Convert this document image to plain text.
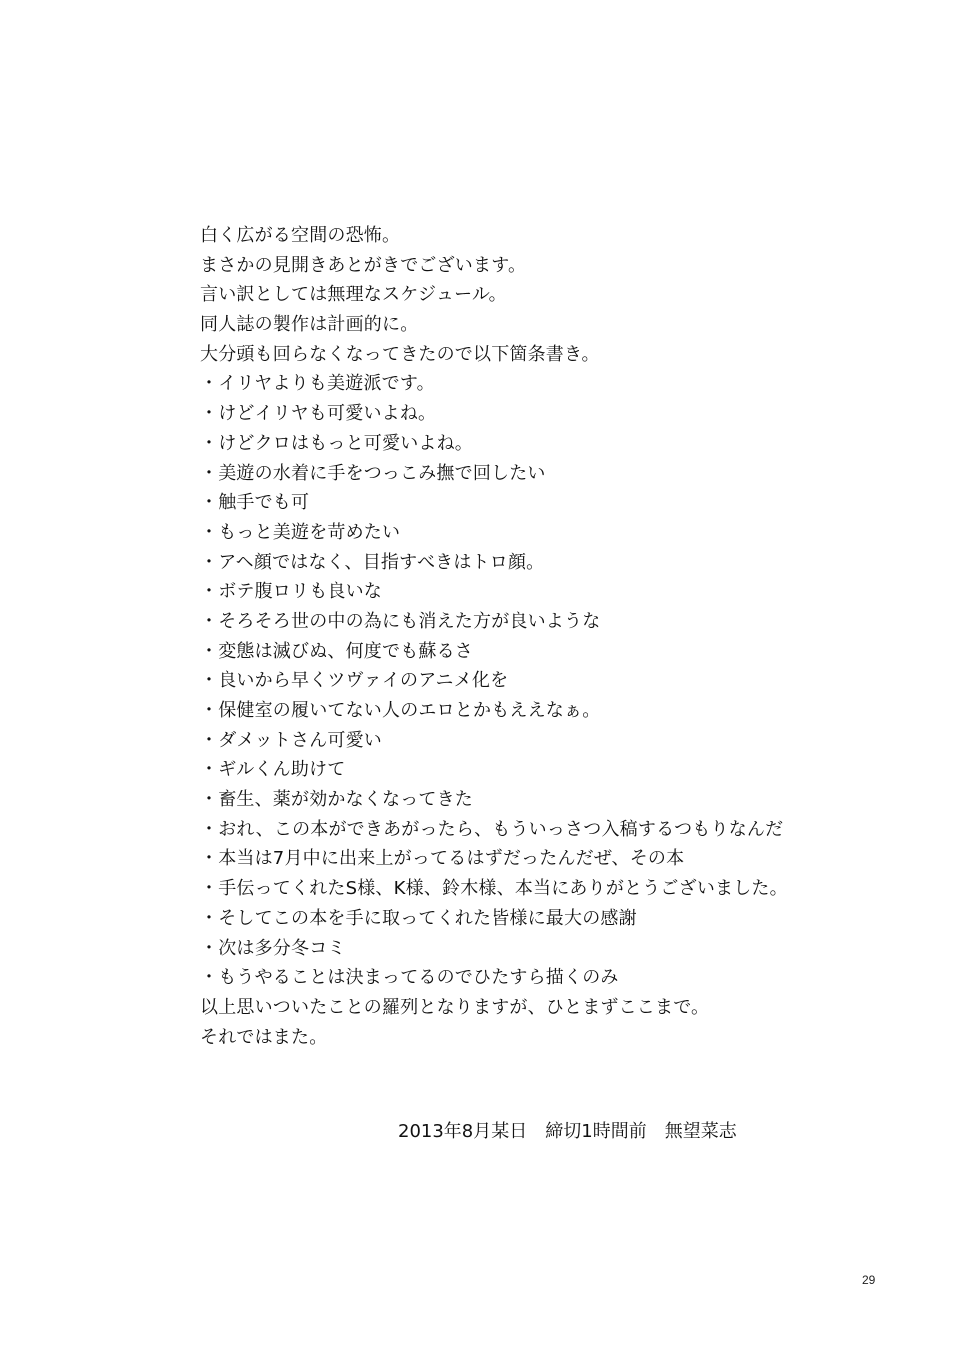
白く広がる空間の恐怖。
まさかの見開きあとがきでございます。
言い訳としては無理なスケジュール。
同人誌の製作は計画的に。
大分頭も回らなくなってきたので以下箇条書き。
・イリヤよりも美遊派です。
・けどイリヤも可愛いよね。
・けどクロはもっと可愛いよね。
・美遊の水着に手をつっこみ撫で回したい
・触手でも可
・もっと美遊を苛めたい
・アヘ顔ではなく、目指すべきはトロ顔。
・ボテ腹ロリも良いな
・そろそろ世の中の為にも消えた方が良いような
・変態は滅びぬ、何度でも蘇るさ
・良いから早くツヴァイのアニメ化を
・保健室の履いてない人のエロとかもええなぁ。
・ダメットさん可愛い
・ギルくん助けて
・畜生、薬が効かなくなってきた
・おれ、この本ができあがったら、もういっさつ入稿するつもりなんだ
・本当は7月中に出来上がってるはずだったんだぜ、その本
・手伝ってくれたS様、K様、鈴木様、本当にありがとうございました。
・そしてこの本を手に取ってくれた皆様に最大の感謝
・次は多分冬コミ
・もうやることは決まってるのでひたすら描くのみ
以上思いついたことの羅列となりますが、ひとまずここまで。
それではまた。
2013年8月某日　締切1時間前　無望菜志
29
